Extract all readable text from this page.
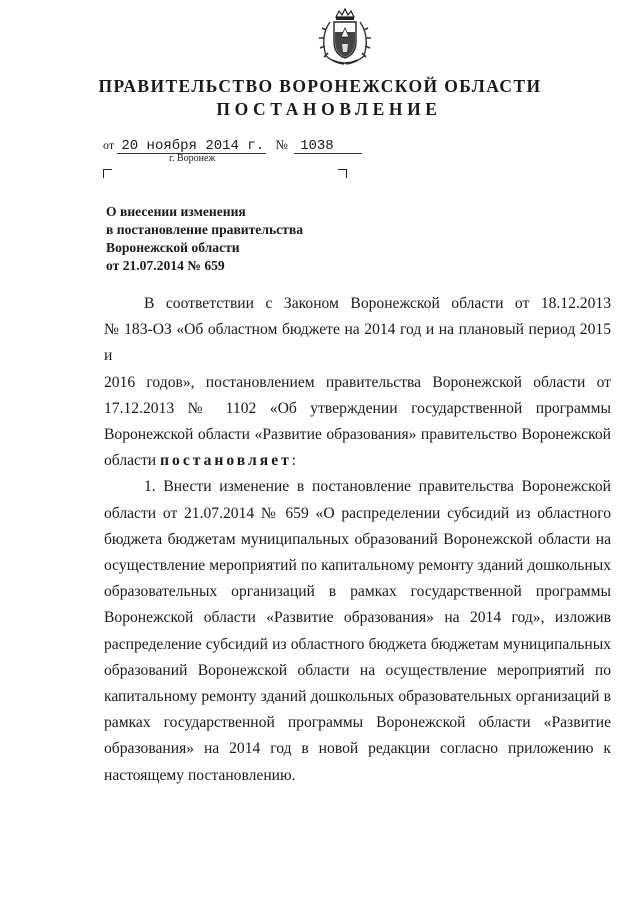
ПРАВИТЕЛЬСТВО ВОРОНЕЖСКОЙ ОБЛАСТИ
ПОСТАНОВЛЕНИЕ
от 20 ноября 2014 г. № 1038
г. Воронеж
О внесении изменения
в постановление правительства
Воронежской области
от 21.07.2014 № 659
В соответствии с Законом Воронежской области от 18.12.2013
№ 183-ОЗ «Об областном бюджете на 2014 год и на плановый период 2015 и
2016 годов», постановлением правительства Воронежcкой области от
17.12.2013 № 1102 «Об утверждении государственной программы
Воронежской области «Развитие образования» правительство Воронежской
области постановляет:
1. Внести изменение в постановление правительства Воронежской
области от 21.07.2014 № 659 «О распределении субсидий из областного
бюджета бюджетам муниципальных образований Воронежской области на
осуществление мероприятий по капитальному ремонту зданий дошкольных
образовательных организаций в рамках государственной программы
Воронежской области «Развитие образования» на 2014 год», изложив
распределение субсидий из областного бюджета бюджетам муниципальных
образований Воронежской области на осуществление мероприятий по
капитальному ремонту зданий дошкольных образовательных организаций в
рамках государственной программы Воронежской области «Развитие
образования» на 2014 год в новой редакции согласно приложению к
настоящему постановлению.
